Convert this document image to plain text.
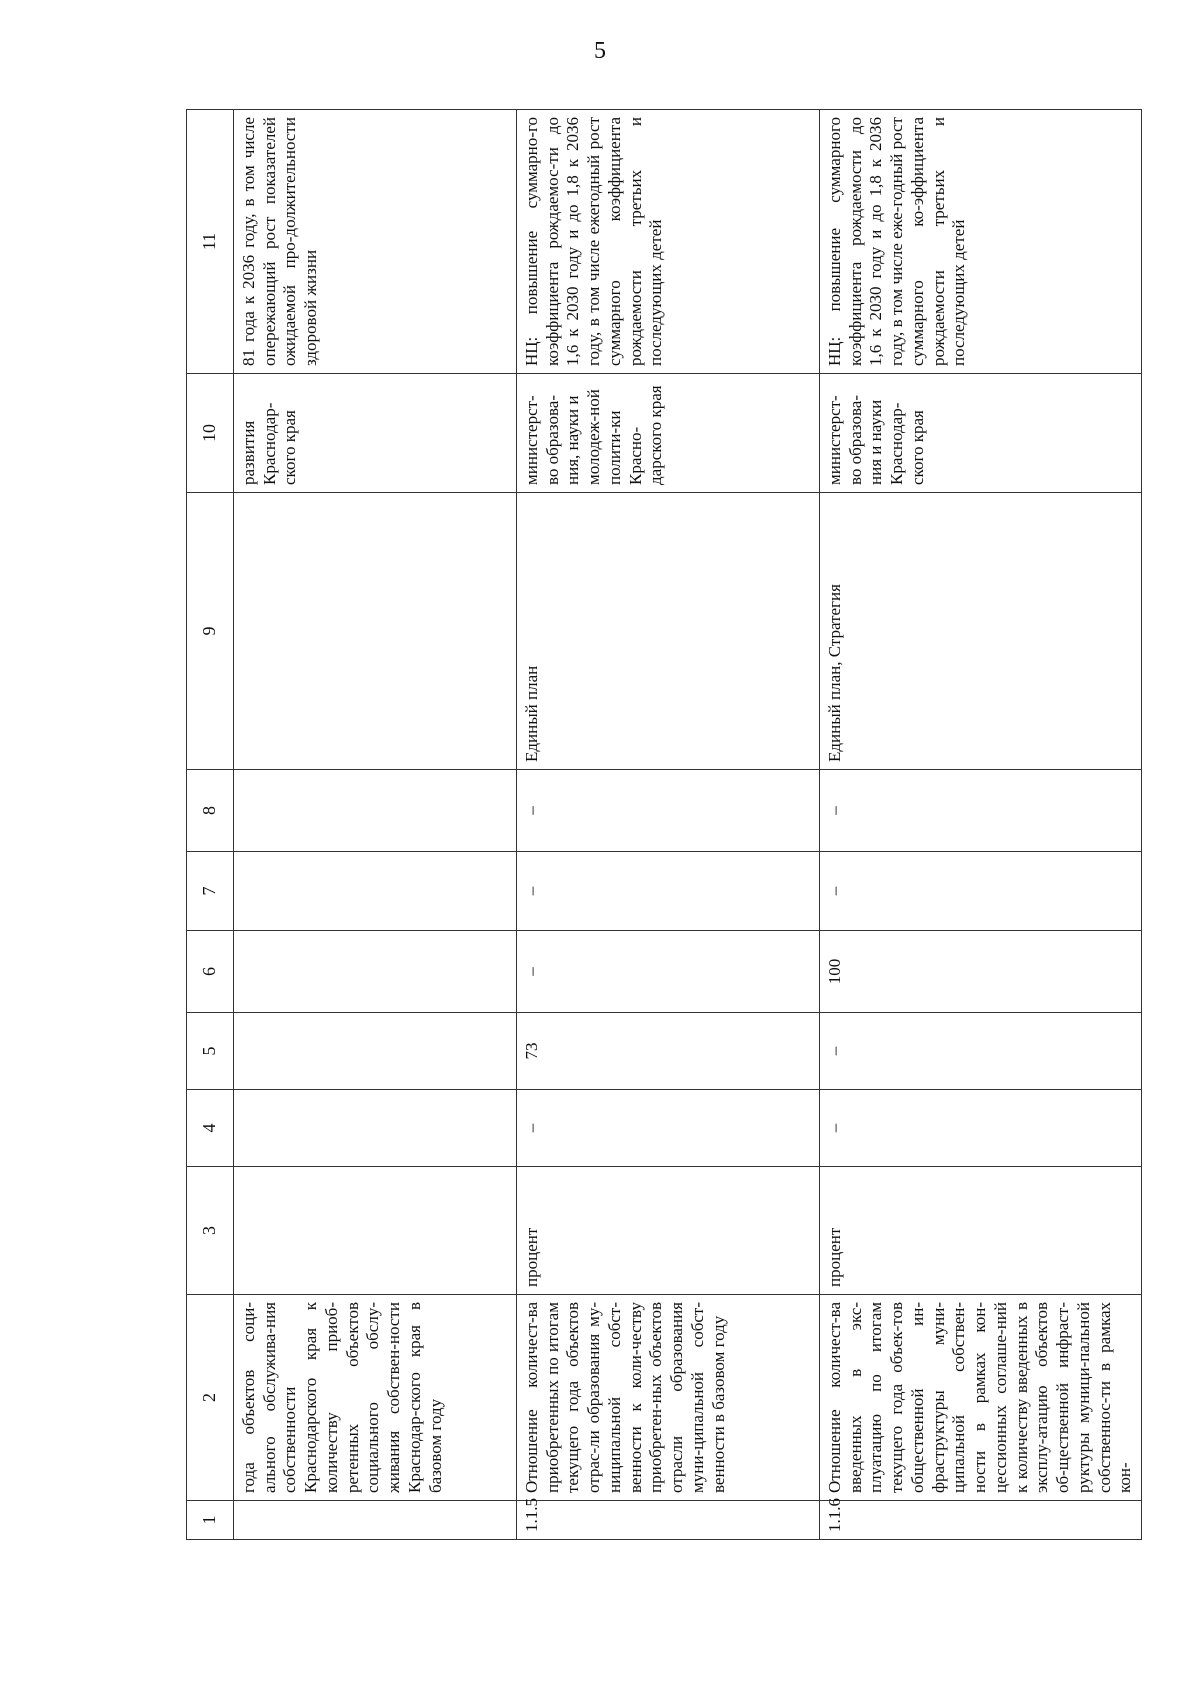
5
1	2	3	4	5	6	7	8	9	10	11
	года объектов соци-ального обслужива-ния собственности Краснодарского края к количеству приоб-ретенных объектов социального обслу-живания собствен-ности Краснодар-ского края в базовом году								развития Краснодар-ского края	81 года к 2036 году, в том числе опережающий рост показателей ожидаемой про-должительности здоровой жизни
1.1.5	Отношение количест-ва приобретенных по итогам текущего года объектов отрас-ли образования му-ниципальной собст-венности к коли-честву приобретен-ных объектов отрасли образования муни-ципальной собст-венности в базовом году	процент	–	73	–	–	–	Единый план	министерст-во образова-ния, науки и молодеж-ной полити-ки Красно-дарского края	НЦ: повышение суммарно-го коэффициента рождаемос-ти до 1,6 к 2030 году и до 1,8 к 2036 году, в том числе ежегодный рост суммарного коэффициента рождаемости третьих и последующих детей
1.1.6	Отношение количест-ва введенных в экс-плуатацию по итогам текущего года объек-тов общественной ин-фраструктуры муни-ципальной собствен-ности в рамках кон-цессионных соглаше-ний к количеству введенных в эксплу-атацию объектов об-щественной инфраст-руктуры муници-пальной собственнос-ти в рамках кон-	процент	–	–	100	–	–	Единый план, Стратегия	министерст-во образова-ния и науки Краснодар-ского края	НЦ: повышение суммарного коэффициента рождаемости до 1,6 к 2030 году и до 1,8 к 2036 году, в том числе еже-годный рост суммарного ко-эффициента рождаемости третьих и последующих детей
